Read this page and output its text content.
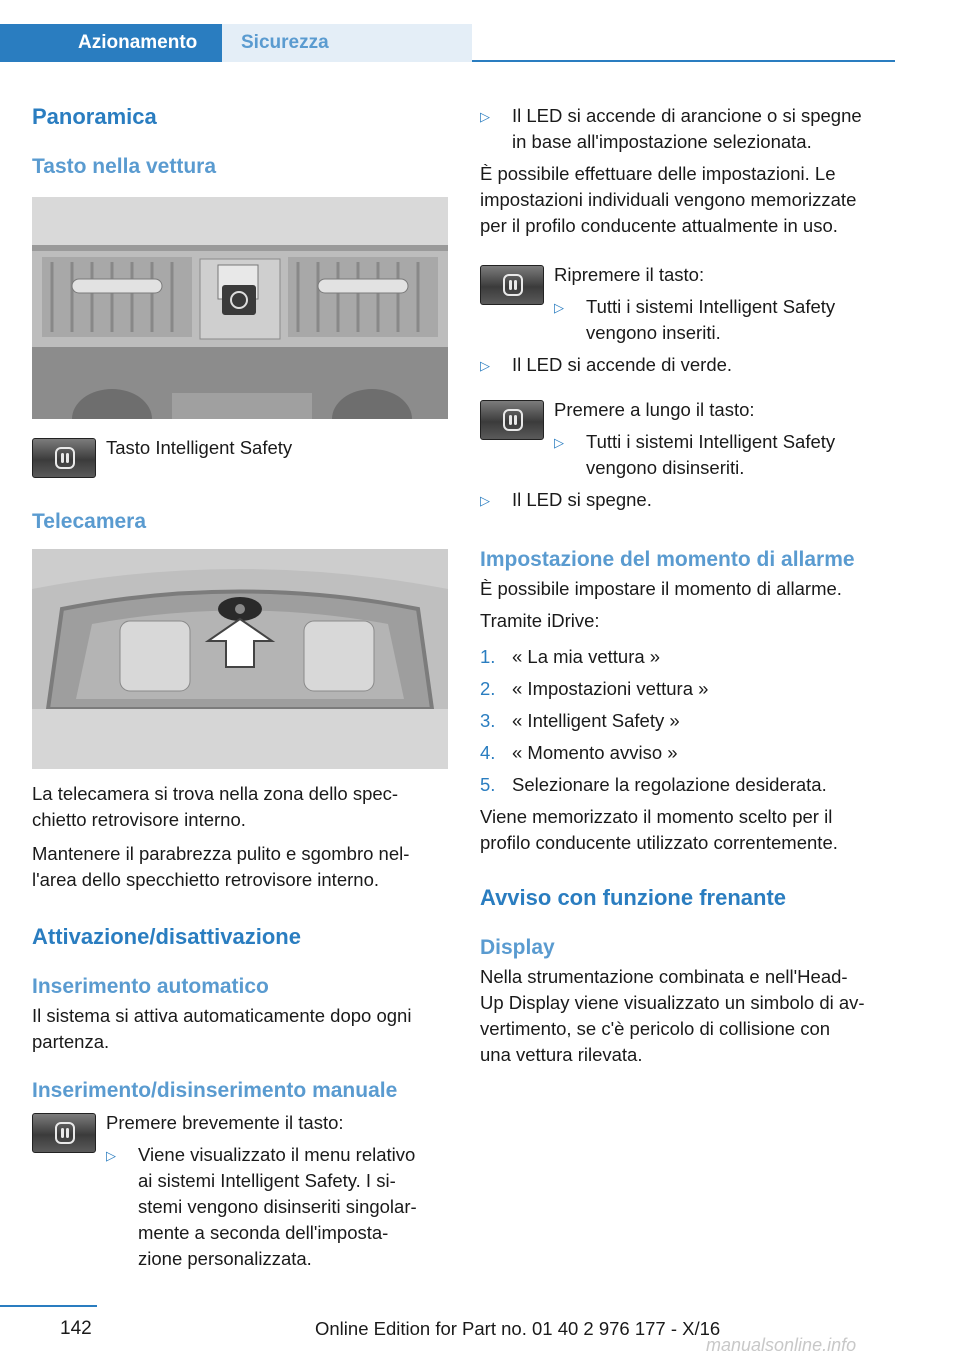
Azionamento	Sicurezza
Panoramica
Tasto nella vettura
Tasto Intelligent Safety
Telecamera
La telecamera si trova nella zona dello spec-
chietto retrovisore interno.
Mantenere il parabrezza pulito e sgombro nel-
l'area dello specchietto retrovisore interno.
Attivazione/disattivazione
Inserimento automatico
Il sistema si attiva automaticamente dopo ogni
partenza.
Inserimento/disinserimento manuale
Premere brevemente il tasto:
▷	Viene visualizzato il menu relativo
ai sistemi Intelligent Safety. I si-
stemi vengono disinseriti singolar-
mente a seconda dell'imposta-
zione personalizzata.
▷	Il LED si accende di arancione o si spegne
in base all'impostazione selezionata.
È possibile effettuare delle impostazioni. Le
impostazioni individuali vengono memorizzate
per il profilo conducente attualmente in uso.
Ripremere il tasto:
▷	Tutti i sistemi Intelligent Safety
vengono inseriti.
▷	Il LED si accende di verde.
Premere a lungo il tasto:
▷	Tutti i sistemi Intelligent Safety
vengono disinseriti.
▷	Il LED si spegne.
Impostazione del momento di allarme
È possibile impostare il momento di allarme.
Tramite iDrive:
1. « La mia vettura »
2. « Impostazioni vettura »
3. « Intelligent Safety »
4. « Momento avviso »
5. Selezionare la regolazione desiderata.
Viene memorizzato il momento scelto per il
profilo conducente utilizzato correntemente.
Avviso con funzione frenante
Display
Nella strumentazione combinata e nell'Head-
Up Display viene visualizzato un simbolo di av-
vertimento, se c'è pericolo di collisione con
una vettura rilevata.
142	Online Edition for Part no. 01 40 2 976 177 - X/16
manualsonline.info
